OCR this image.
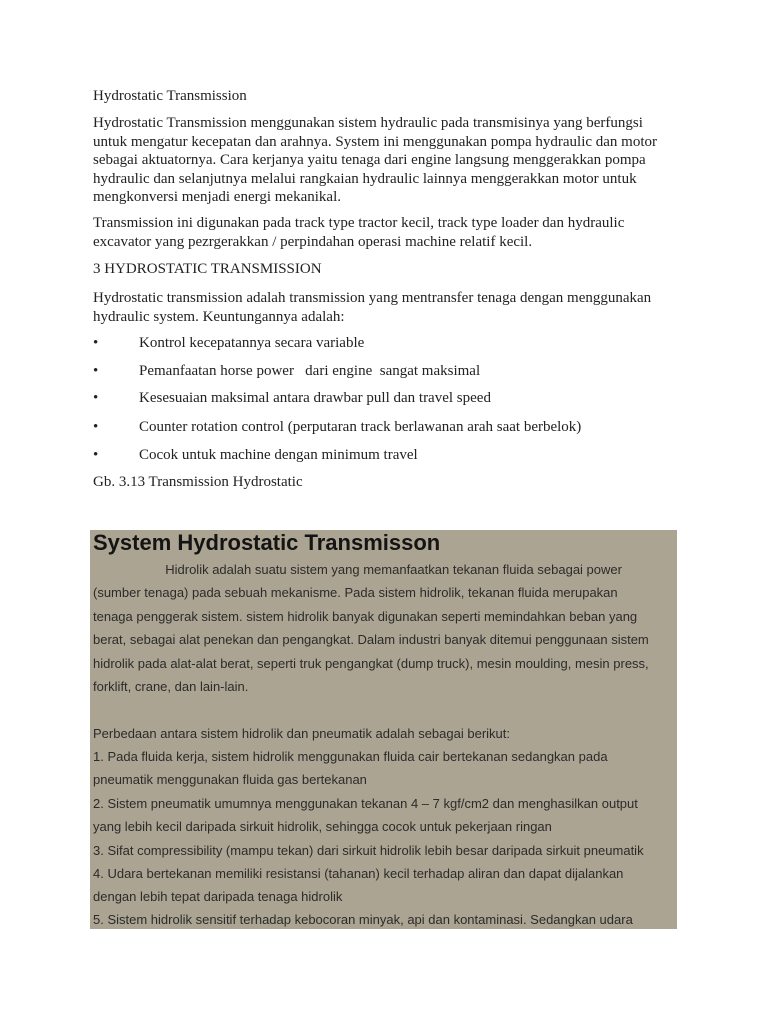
Hydrostatic Transmission

Hydrostatic Transmission menggunakan sistem hydraulic pada transmisinya yang berfungsi
untuk mengatur kecepatan dan arahnya. System ini menggunakan pompa hydraulic dan motor
sebagai aktuatornya. Cara kerjanya yaitu tenaga dari engine langsung menggerakkan pompa
hydraulic dan selanjutnya melalui rangkaian hydraulic lainnya menggerakkan motor untuk
mengkonversi menjadi energi mekanikal.
Transmission ini digunakan pada track type tractor kecil, track type loader dan hydraulic
excavator yang pezrgerakkan / perpindahan operasi machine relatif kecil.

3 HYDROSTATIC TRANSMISSION

Hydrostatic transmission adalah transmission yang mentransfer tenaga dengan menggunakan
hydraulic system. Keuntungannya adalah:
•	Kontrol kecepatannya secara variable
•	Pemanfaatan horse power   dari engine  sangat maksimal
•	Kesesuaian maksimal antara drawbar pull dan travel speed
•	Counter rotation control (perputaran track berlawanan arah saat berbelok)
•	Cocok untuk machine dengan minimum travel

Gb. 3.13 Transmission Hydrostatic

System Hydrostatic Transmisson

Hidrolik adalah suatu sistem yang memanfaatkan tekanan fluida sebagai power

(sumber tenaga) pada sebuah mekanisme. Pada sistem hidrolik, tekanan fluida merupakan

tenaga penggerak sistem. sistem hidrolik banyak digunakan seperti memindahkan beban yang

berat, sebagai alat penekan dan pengangkat. Dalam industri banyak ditemui penggunaan sistem

hidrolik pada alat-alat berat, seperti truk pengangkat (dump truck), mesin moulding, mesin press,

forklift, crane, dan lain-lain.

Perbedaan antara sistem hidrolik dan pneumatik adalah sebagai berikut:

1. Pada fluida kerja, sistem hidrolik menggunakan fluida cair bertekanan sedangkan pada

pneumatik menggunakan fluida gas bertekanan

2. Sistem pneumatik umumnya menggunakan tekanan 4 – 7 kgf/cm2 dan menghasilkan output

yang lebih kecil daripada sirkuit hidrolik, sehingga cocok untuk pekerjaan ringan

3. Sifat compressibility (mampu tekan) dari sirkuit hidrolik lebih besar daripada sirkuit pneumatik

4. Udara bertekanan memiliki resistansi (tahanan) kecil terhadap aliran dan dapat dijalankan

dengan lebih tepat daripada tenaga hidrolik

5. Sistem hidrolik sensitif terhadap kebocoran minyak, api dan kontaminasi. Sedangkan udara
